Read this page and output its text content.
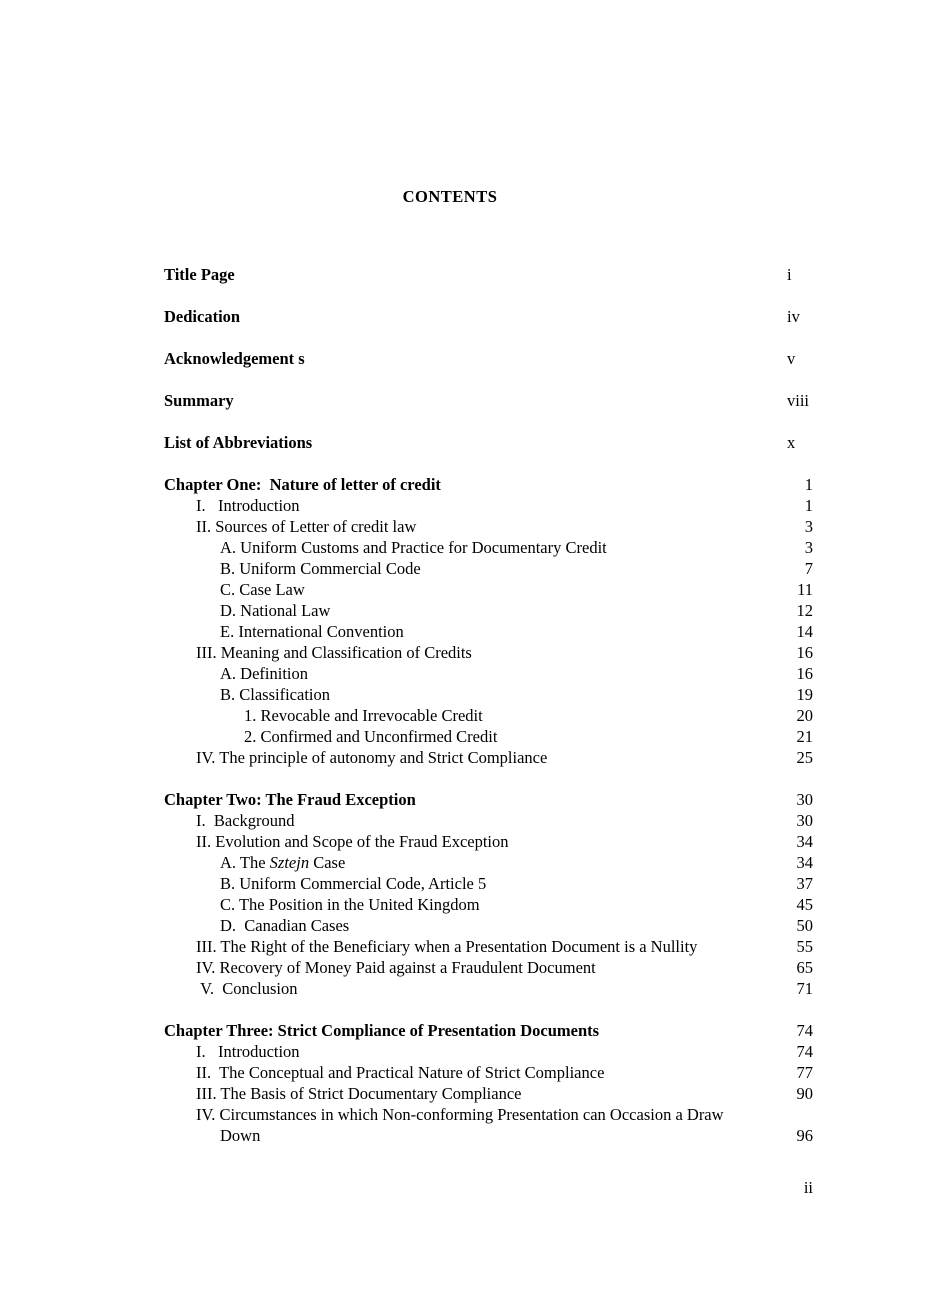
CONTENTS
Title Page	i
Dedication	iv
Acknowledgement s	v
Summary	viii
List of Abbreviations	x
Chapter One:  Nature of letter of credit	1
I.   Introduction	1
II. Sources of Letter of credit law	3
A. Uniform Customs and Practice for Documentary Credit	3
B. Uniform Commercial Code	7
C. Case Law	11
D. National Law	12
E. International Convention	14
III. Meaning and Classification of Credits	16
A. Definition	16
B. Classification	19
1. Revocable and Irrevocable Credit	20
2. Confirmed and Unconfirmed Credit	21
IV. The principle of autonomy and Strict Compliance	25
Chapter Two: The Fraud Exception	30
I.  Background	30
II. Evolution and Scope of the Fraud Exception	34
A. The Sztejn Case	34
B. Uniform Commercial Code, Article 5	37
C. The Position in the United Kingdom	45
D.  Canadian Cases	50
III. The Right of the Beneficiary when a Presentation Document is a Nullity	55
IV. Recovery of Money Paid against a Fraudulent Document	65
V.  Conclusion	71
Chapter Three: Strict Compliance of Presentation Documents	74
I.   Introduction	74
II.  The Conceptual and Practical Nature of Strict Compliance	77
III. The Basis of Strict Documentary Compliance	90
IV. Circumstances in which Non-conforming Presentation can Occasion a Draw
Down	96
ii
